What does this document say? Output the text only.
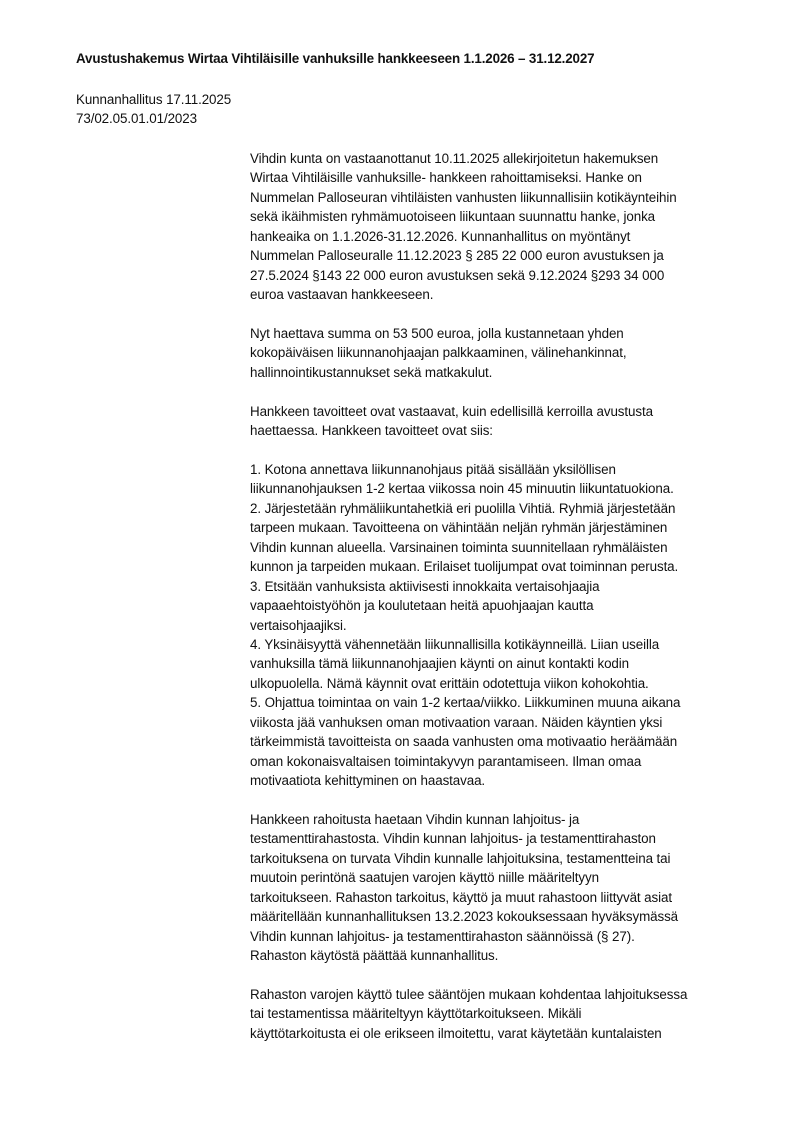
Avustushakemus Wirtaa Vihtiläisille vanhuksille hankkeeseen 1.1.2026 – 31.12.2027
Kunnanhallitus 17.11.2025
73/02.05.01.01/2023
Vihdin kunta on vastaanottanut 10.11.2025 allekirjoitetun hakemuksen
Wirtaa Vihtiläisille vanhuksille- hankkeen rahoittamiseksi. Hanke on
Nummelan Palloseuran vihtiläisten vanhusten liikunnallisiin kotikäynteihin
sekä ikäihmisten ryhmämuotoiseen liikuntaan suunnattu hanke, jonka
hankeaika on 1.1.2026-31.12.2026. Kunnanhallitus on myöntänyt
Nummelan Palloseuralle 11.12.2023 § 285 22 000 euron avustuksen ja
27.5.2024 §143 22 000 euron avustuksen sekä 9.12.2024 §293 34 000
euroa vastaavan hankkeeseen.
Nyt haettava summa on 53 500 euroa, jolla kustannetaan yhden
kokopäiväisen liikunnanohjaajan palkkaaminen, välinehankinnat,
hallinnointikustannukset sekä matkakulut.
Hankkeen tavoitteet ovat vastaavat, kuin edellisillä kerroilla avustusta
haettaessa. Hankkeen tavoitteet ovat siis:
1. Kotona annettava liikunnanohjaus pitää sisällään yksilöllisen
liikunnanohjauksen 1-2 kertaa viikossa noin 45 minuutin liikuntatuokiona.
2. Järjestetään ryhmäliikuntahetkiä eri puolilla Vihtiä. Ryhmiä järjestetään
tarpeen mukaan. Tavoitteena on vähintään neljän ryhmän järjestäminen
Vihdin kunnan alueella. Varsinainen toiminta suunnitellaan ryhmäläisten
kunnon ja tarpeiden mukaan. Erilaiset tuolijumpat ovat toiminnan perusta.
3. Etsitään vanhuksista aktiivisesti innokkaita vertaisohjaajia
vapaaehtoistyöhön ja koulutetaan heitä apuohjaajan kautta
vertaisohjaajiksi.
4. Yksinäisyyttä vähennetään liikunnallisilla kotikäynneillä. Liian useilla
vanhuksilla tämä liikunnanohjaajien käynti on ainut kontakti kodin
ulkopuolella. Nämä käynnit ovat erittäin odotettuja viikon kohokohtia.
5. Ohjattua toimintaa on vain 1-2 kertaa/viikko. Liikkuminen muuna aikana
viikosta jää vanhuksen oman motivaation varaan. Näiden käyntien yksi
tärkeimmistä tavoitteista on saada vanhusten oma motivaatio heräämään
oman kokonaisvaltaisen toimintakyvyn parantamiseen. Ilman omaa
motivaatiota kehittyminen on haastavaa.
Hankkeen rahoitusta haetaan Vihdin kunnan lahjoitus- ja
testamenttirahastosta. Vihdin kunnan lahjoitus- ja testamenttirahaston
tarkoituksena on turvata Vihdin kunnalle lahjoituksina, testamentteina tai
muutoin perintönä saatujen varojen käyttö niille määriteltyyn
tarkoitukseen. Rahaston tarkoitus, käyttö ja muut rahastoon liittyvät asiat
määritellään kunnanhallituksen 13.2.2023 kokouksessaan hyväksymässä
Vihdin kunnan lahjoitus- ja testamenttirahaston säännöissä (§ 27).
Rahaston käytöstä päättää kunnanhallitus.
Rahaston varojen käyttö tulee sääntöjen mukaan kohdentaa lahjoituksessa
tai testamentissa määriteltyyn käyttötarkoitukseen. Mikäli
käyttötarkoitusta ei ole erikseen ilmoitettu, varat käytetään kuntalaisten
